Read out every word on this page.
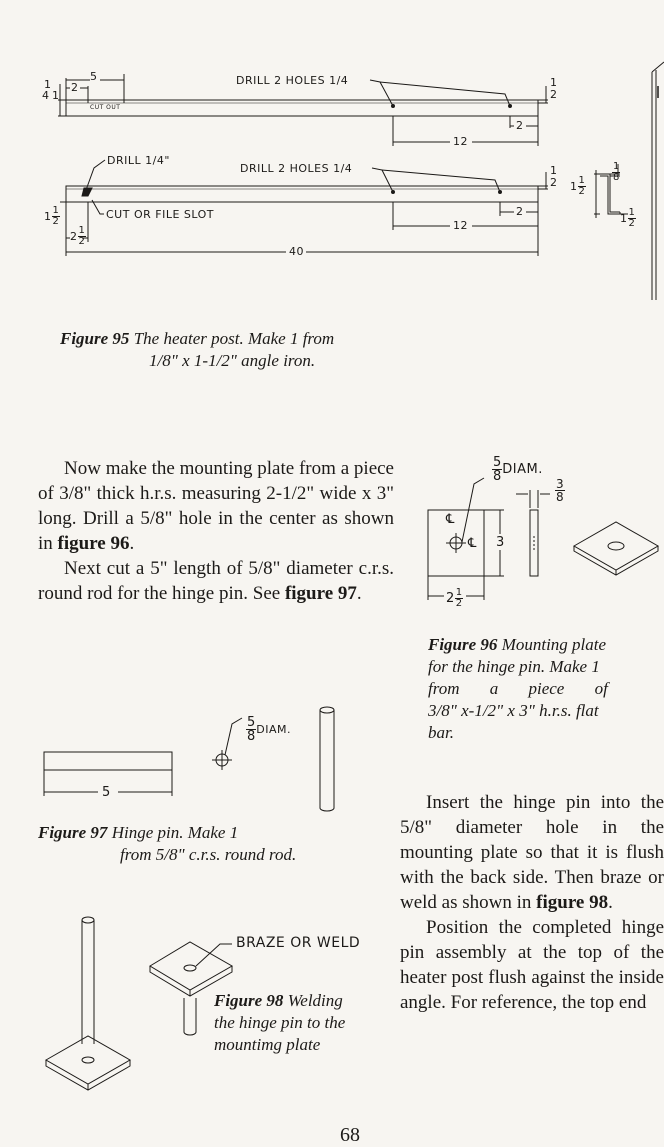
5
2
CUT OUT
DRILL 2 HOLES 1/4
12
2
1
4 1
1
2
DRILL 1/4"
DRILL 2 HOLES 1/4
CUT OR FILE SLOT
12
2
1
2
$1 \frac{1}{2}$
$2 \frac{1}{2}$
40
$1 \frac{1}{2}$
$\frac{1}{8}$
$1 \frac{1}{2}$
Figure 95 The heater post. Make 1 from
1/8" x 1-1/2" angle iron.

Now make the mounting plate from a piece of 3/8" thick h.r.s. measuring 2-1/2" wide x 3" long. Drill a 5/8" hole in the center as shown in figure 96.

Next cut a 5" length of 5/8" diameter c.r.s. round rod for the hinge pin. See figure 97.

$\frac{5}{8}$ DIAM.
$\frac{3}{8}$
3
℄
℄
$2 \frac{1}{2}$
Figure 96 Mounting plate
for the hinge pin. Make 1
from a piece of
3/8" x-1/2" x 3" h.r.s. flat
bar.
$\frac{5}{8}$ DIAM.
5
Figure 97 Hinge pin. Make 1
from 5/8" c.r.s. round rod.
BRAZE OR WELD
Figure 98 Welding
the hinge pin to the
mountimg plate

Insert the hinge pin into the 5/8" diameter hole in the mounting plate so that it is flush with the back side. Then braze or weld as shown in figure 98.

Position the completed hinge pin assembly at the top of the heater post flush against the inside angle. For reference, the top end

68
